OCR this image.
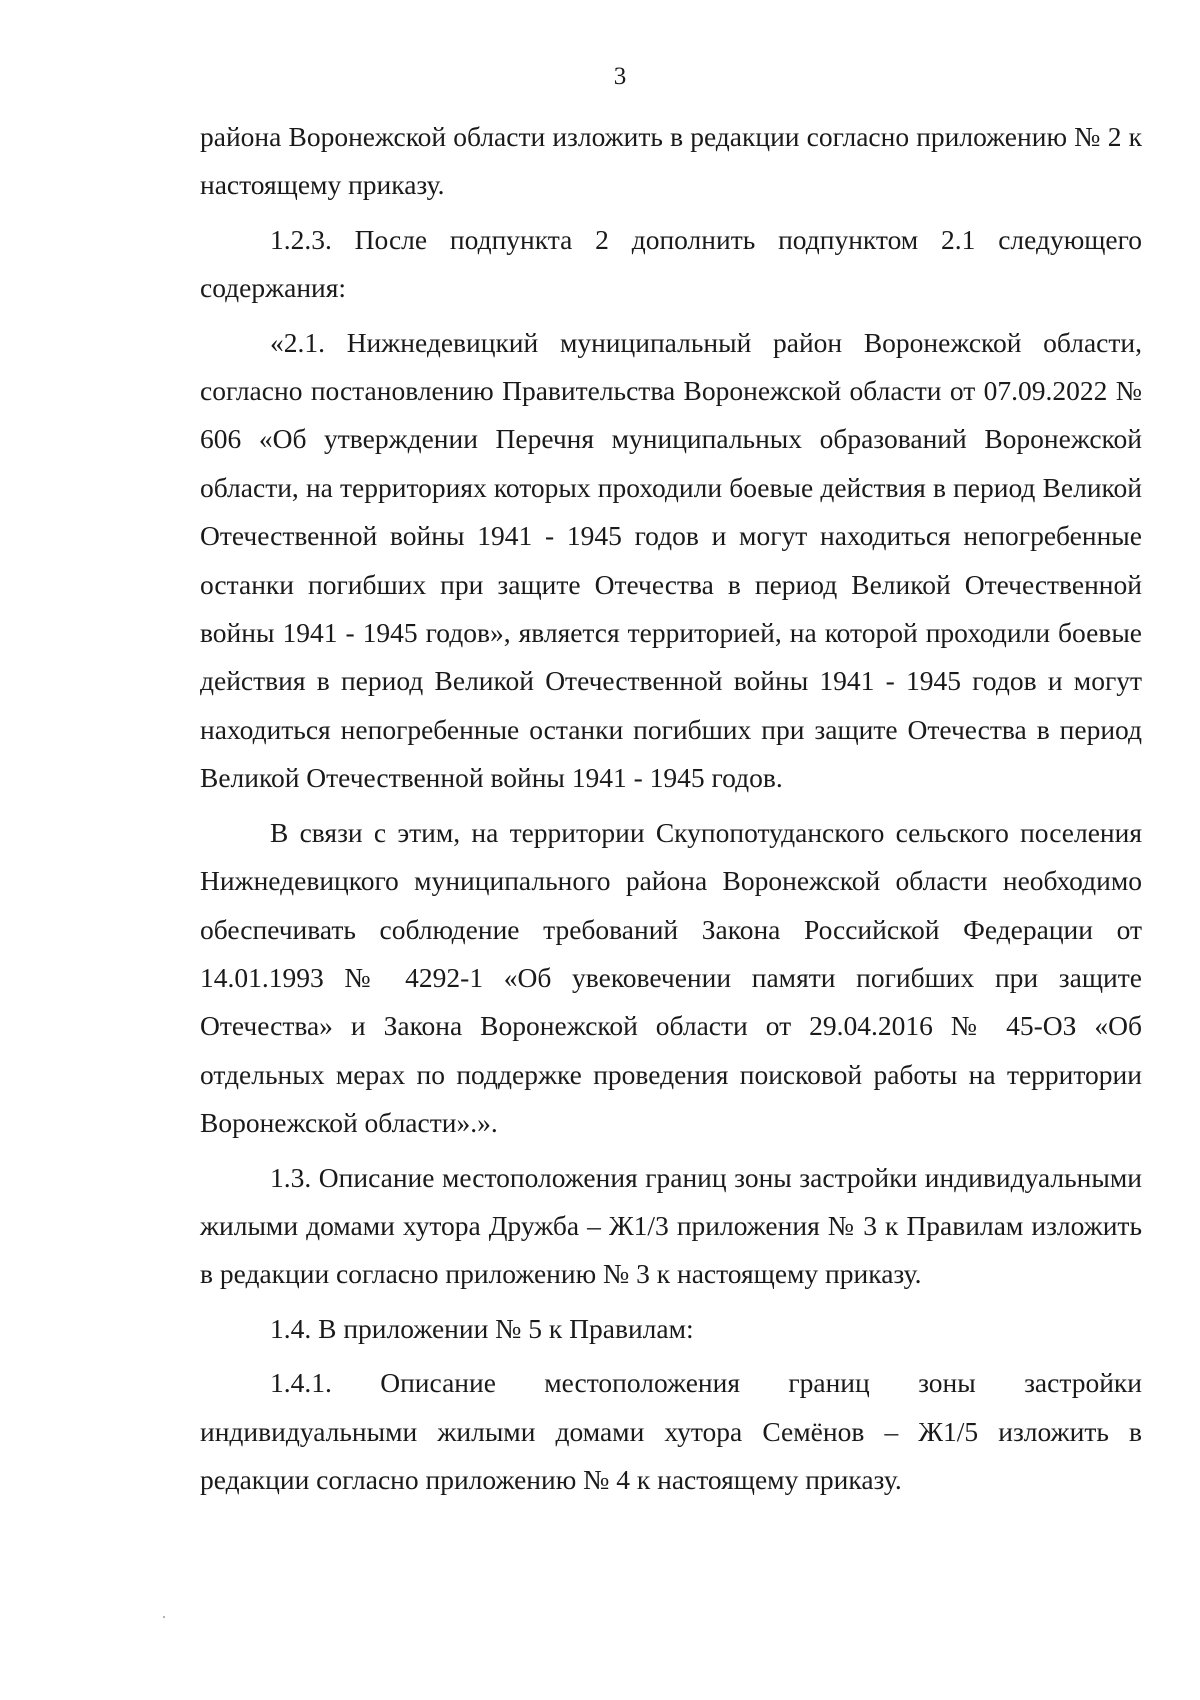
3

района Воронежской области изложить в редакции согласно приложению № 2 к настоящему приказу.

1.2.3. После подпункта 2 дополнить подпунктом 2.1 следующего содержания:

«2.1. Нижнедевицкий муниципальный район Воронежской области, согласно постановлению Правительства Воронежской области от 07.09.2022 № 606 «Об утверждении Перечня муниципальных образований Воронежской области, на территориях которых проходили боевые действия в период Великой Отечественной войны 1941 - 1945 годов и могут находиться непогребенные останки погибших при защите Отечества в период Великой Отечественной войны 1941 - 1945 годов», является территорией, на которой проходили боевые действия в период Великой Отечественной войны 1941 - 1945 годов и могут находиться непогребенные останки погибших при защите Отечества в период Великой Отечественной войны 1941 - 1945 годов.

В связи с этим, на территории Скупопотуданского сельского поселения Нижнедевицкого муниципального района Воронежской области необходимо обеспечивать соблюдение требований Закона Российской Федерации от 14.01.1993 № 4292-1 «Об увековечении памяти погибших при защите Отечества» и Закона Воронежской области от 29.04.2016 № 45-ОЗ «Об отдельных мерах по поддержке проведения поисковой работы на территории Воронежской области».».

1.3. Описание местоположения границ зоны застройки индивидуальными жилыми домами хутора Дружба – Ж1/3 приложения № 3 к Правилам изложить в редакции согласно приложению № 3 к настоящему приказу.

1.4. В приложении № 5 к Правилам:

1.4.1. Описание местоположения границ зоны застройки индивидуальными жилыми домами хутора Семёнов – Ж1/5 изложить в редакции согласно приложению № 4 к настоящему приказу.
